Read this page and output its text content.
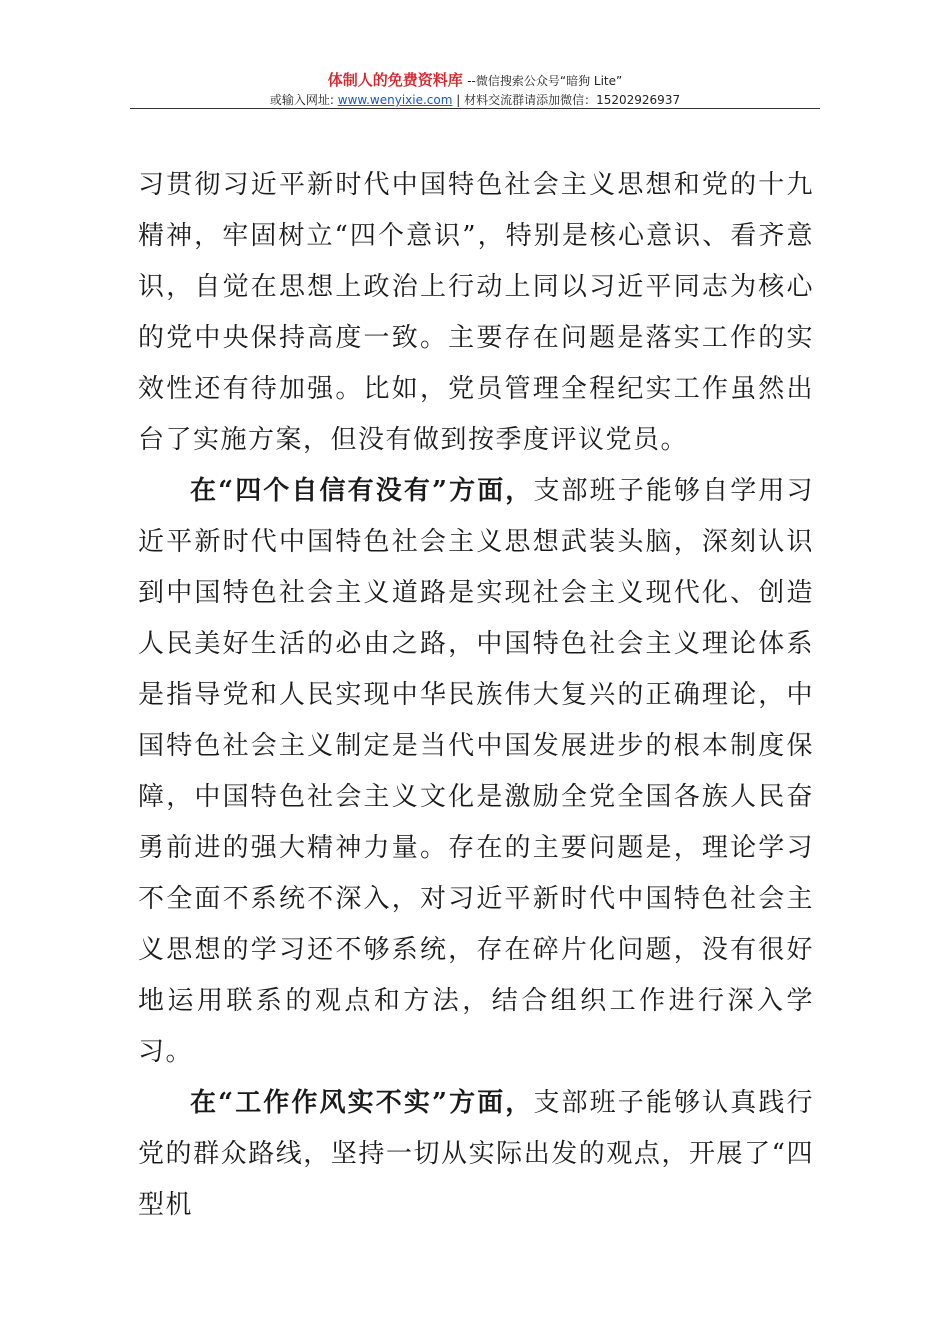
体制人的免费资料库 --微信搜索公众号“暗狗 Lite”
或输入网址: www.wenyixie.com | 材料交流群请添加微信：15202926937

习贯彻习近平新时代中国特色社会主义思想和党的十九精神，牢固树立“四个意识”，特别是核心意识、看齐意识，自觉在思想上政治上行动上同以习近平同志为核心的党中央保持高度一致。主要存在问题是落实工作的实效性还有待加强。比如，党员管理全程纪实工作虽然出台了实施方案，但没有做到按季度评议党员。

在“四个自信有没有”方面，支部班子能够自学用习近平新时代中国特色社会主义思想武装头脑，深刻认识到中国特色社会主义道路是实现社会主义现代化、创造人民美好生活的必由之路，中国特色社会主义理论体系是指导党和人民实现中华民族伟大复兴的正确理论，中国特色社会主义制定是当代中国发展进步的根本制度保障，中国特色社会主义文化是激励全党全国各族人民奋勇前进的强大精神力量。存在的主要问题是，理论学习不全面不系统不深入，对习近平新时代中国特色社会主义思想的学习还不够系统，存在碎片化问题，没有很好地运用联系的观点和方法，结合组织工作进行深入学习。

在“工作作风实不实”方面，支部班子能够认真践行党的群众路线，坚持一切从实际出发的观点，开展了“四型机
